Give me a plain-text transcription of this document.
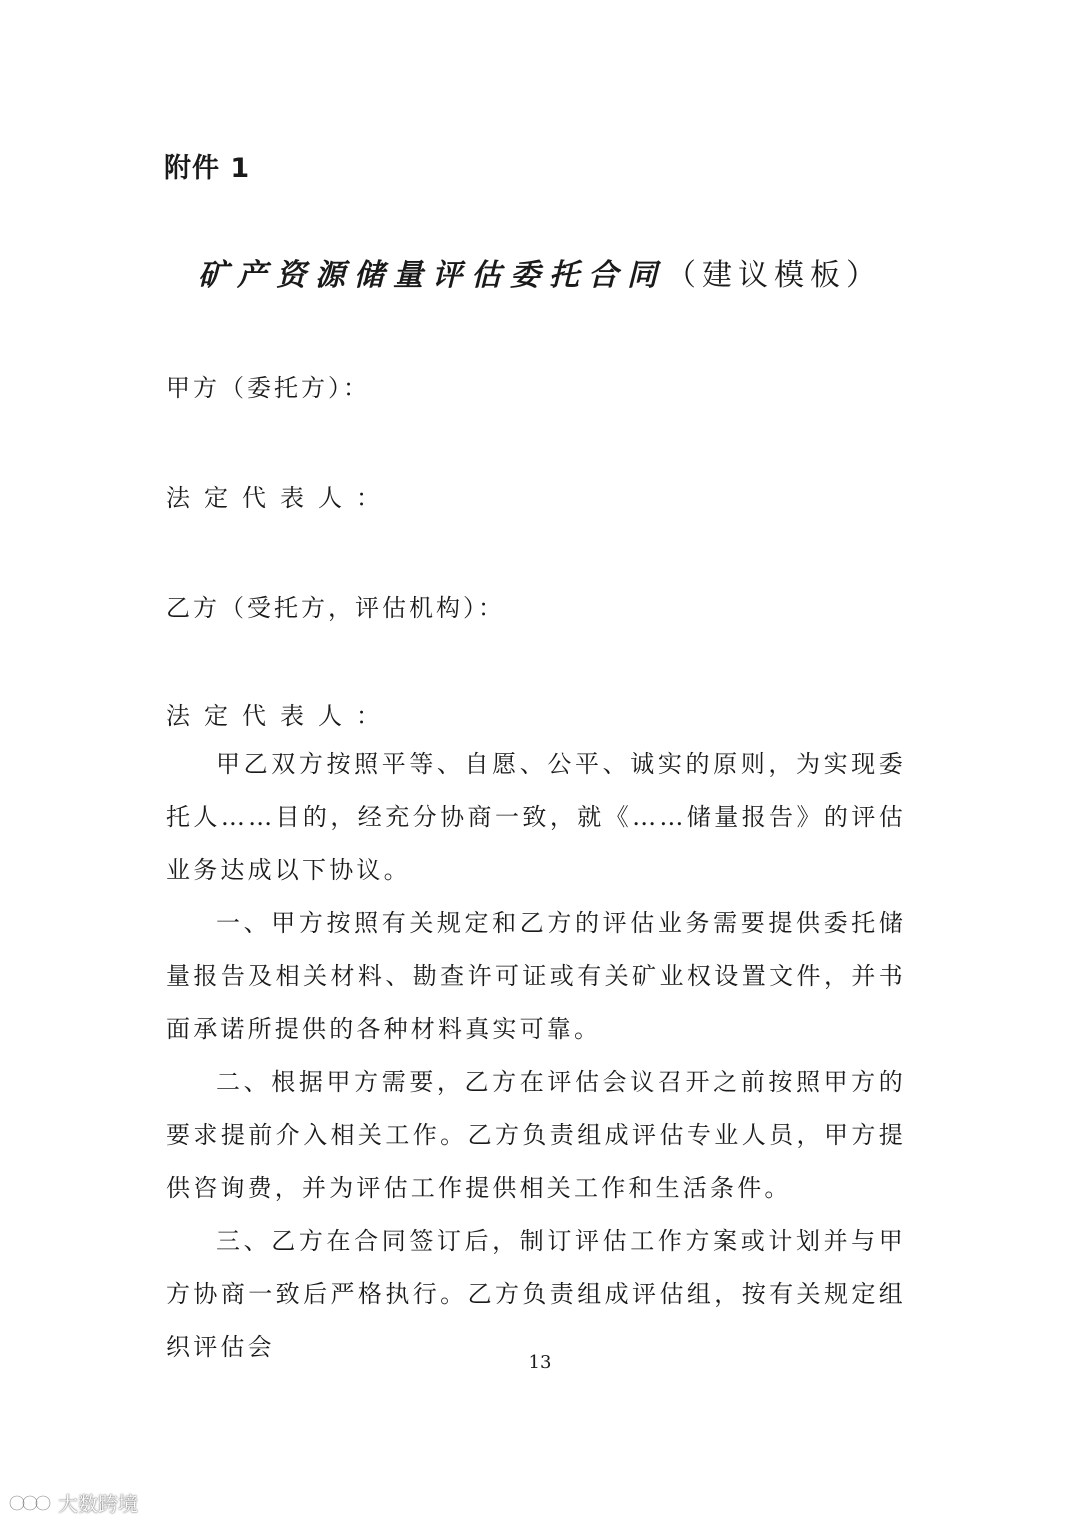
附件 1
矿产资源储量评估委托合同（建议模板）
甲方（委托方）：
法定代表人：
乙方（受托方，评估机构）：
法定代表人：

甲乙双方按照平等、自愿、公平、诚实的原则，为实现委托人……目的，经充分协商一致，就《……储量报告》的评估业务达成以下协议。

一、甲方按照有关规定和乙方的评估业务需要提供委托储量报告及相关材料、勘查许可证或有关矿业权设置文件，并书面承诺所提供的各种材料真实可靠。

二、根据甲方需要，乙方在评估会议召开之前按照甲方的要求提前介入相关工作。乙方负责组成评估专业人员，甲方提供咨询费，并为评估工作提供相关工作和生活条件。

三、乙方在合同签订后，制订评估工作方案或计划并与甲方协商一致后严格执行。乙方负责组成评估组，按有关规定组织评估会

13
大数跨境
